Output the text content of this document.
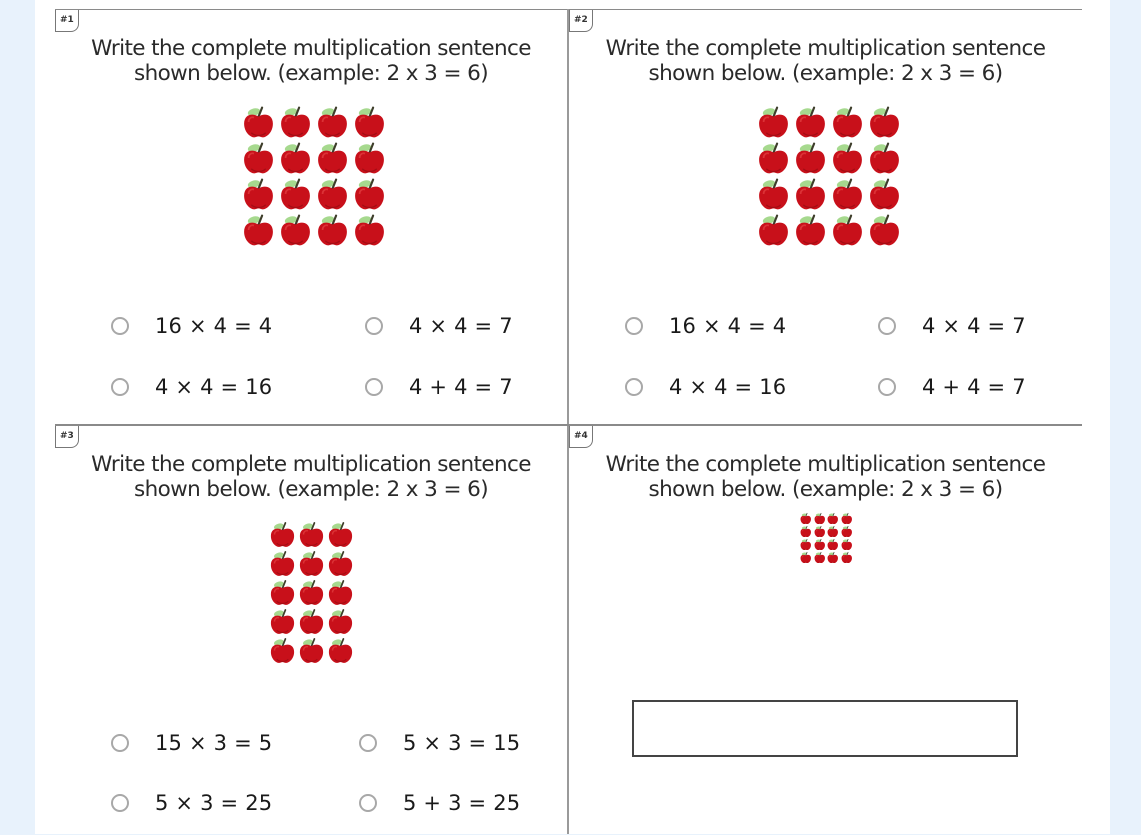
#1
Write the complete multiplication sentence
shown below. (example: 2 x 3 = 6)
16 × 4 = 4	4 × 4 = 7
4 × 4 = 16	4 + 4 = 7
#2
Write the complete multiplication sentence
shown below. (example: 2 x 3 = 6)
16 × 4 = 4	4 × 4 = 7
4 × 4 = 16	4 + 4 = 7
#3
Write the complete multiplication sentence
shown below. (example: 2 x 3 = 6)
15 × 3 = 5	5 × 3 = 15
5 × 3 = 25	5 + 3 = 25
#4
Write the complete multiplication sentence
shown below. (example: 2 x 3 = 6)
